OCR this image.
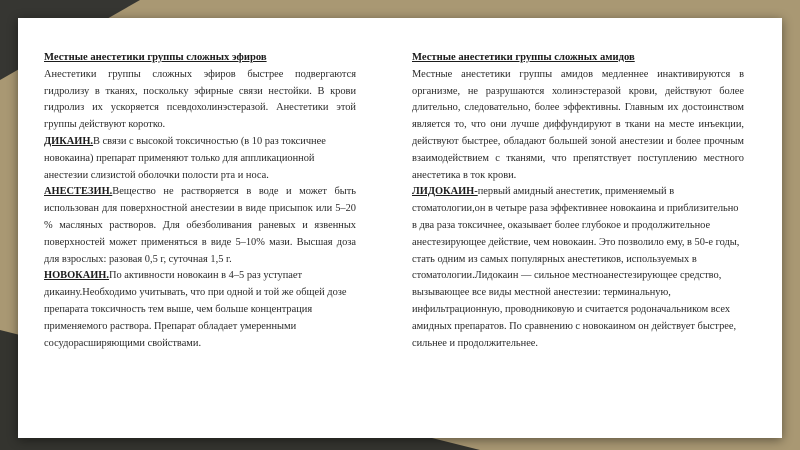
Местные анестетики группы сложных эфиров

Анестетики группы сложных эфиров быстрее подвергаются гидролизу в тканях, поскольку эфирные связи нестойки. В крови гидролиз их ускоряется псевдохолинэстеразой. Анестетики этой группы действуют коротко.

ДИКАИН.В связи с высокой токсичностью (в 10 раз токсичнее новокаина) препарат применяют только для аппликационной анестезии слизистой оболочки полости рта и носа.

АНЕСТЕЗИН.Вещество не растворяется в воде и может быть использован для поверхностной анестезии в виде присыпок или 5–20 % масляных растворов. Для обезболивания раневых и язвенных поверхностей может применяться в виде 5–10% мази. Высшая доза для взрослых: разовая 0,5 г, суточная 1,5 г.

НОВОКАИН.По активности новокаин в 4–5 раз уступает дикаину.Необходимо учитывать, что при одной и той же общей дозе препарата токсичность тем выше, чем больше концентрация применяемого раствора. Препарат обладает умеренными сосудорасширяющими свойствами.

Местные анестетики группы сложных амидов

Местные анестетики группы амидов медленнее инактивируются в организме, не разрушаются холинэстеразой крови, действуют более длительно, следовательно, более эффективны. Главным их достоинством является то, что они лучше диффундируют в ткани на месте инъекции, действуют быстрее, обладают большей зоной анестезии и более прочным взаимодействием с тканями, что препятствует поступлению местного анестетика в ток крови.

ЛИДОКАИН-первый амидный анестетик, применяемый в стоматологии,он в четыре раза эффективнее новокаина и приблизительно в два раза токсичнее, оказывает более глубокое и продолжительное анестезирующее действие, чем новокаин. Это позволило ему, в 50-е годы, стать одним из самых популярных анестетиков, используемых в стоматологии.Лидокаин — сильное местноанестезирующее средство, вызывающее все виды местной анестезии: терминальную, инфильтрационную, проводниковую и считается родоначальником всех амидных препаратов. По сравнению с новокаином он действует быстрее, сильнее и продолжительнее.
